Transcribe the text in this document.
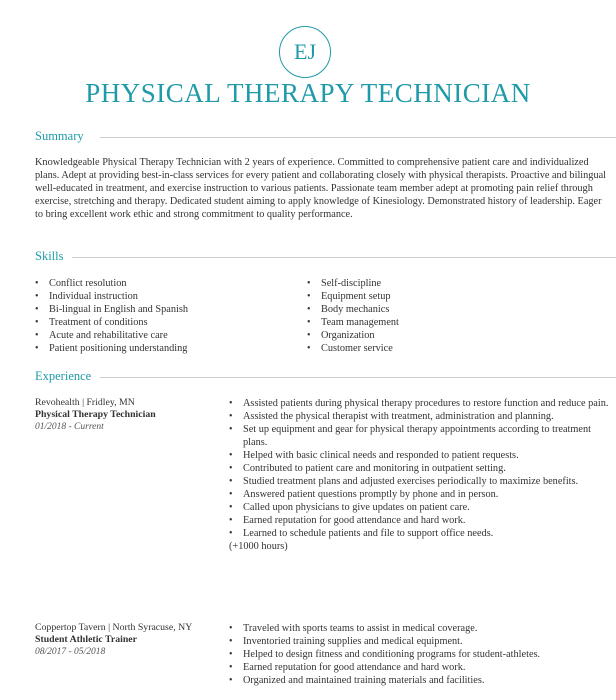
EJ
PHYSICAL THERAPY TECHNICIAN
Summary

Knowledgeable Physical Therapy Technician with 2 years of experience. Committed to comprehensive patient care and individualized plans. Adept at providing best-in-class services for every patient and collaborating closely with physical therapists. Proactive and bilingual well-educated in treatment, and exercise instruction to various patients. Passionate team member adept at promoting pain relief through exercise, stretching and therapy. Dedicated student aiming to apply knowledge of Kinesiology. Demonstrated history of leadership. Eager to bring excellent work ethic and strong commitment to quality performance.

Skills
• Conflict resolution
• Individual instruction
• Bi-lingual in English and Spanish
• Treatment of conditions
• Acute and rehabilitative care
• Patient positioning understanding
• Self-discipline
• Equipment setup
• Body mechanics
• Team management
• Organization
• Customer service
Experience
Revohealth | Fridley, MN
Physical Therapy Technician
01/2018 - Current
• Assisted patients during physical therapy procedures to restore function and reduce pain.
• Assisted the physical therapist with treatment, administration and planning.
• Set up equipment and gear for physical therapy appointments according to treatment plans.
• Helped with basic clinical needs and responded to patient requests.
• Contributed to patient care and monitoring in outpatient setting.
• Studied treatment plans and adjusted exercises periodically to maximize benefits.
• Answered patient questions promptly by phone and in person.
• Called upon physicians to give updates on patient care.
• Earned reputation for good attendance and hard work.
• Learned to schedule patients and file to support office needs.
(+1000 hours)
Coppertop Tavern | North Syracuse, NY
Student Athletic Trainer
08/2017 - 05/2018
• Traveled with sports teams to assist in medical coverage.
• Inventoried training supplies and medical equipment.
• Helped to design fitness and conditioning programs for student-athletes.
• Earned reputation for good attendance and hard work.
• Organized and maintained training materials and facilities.
